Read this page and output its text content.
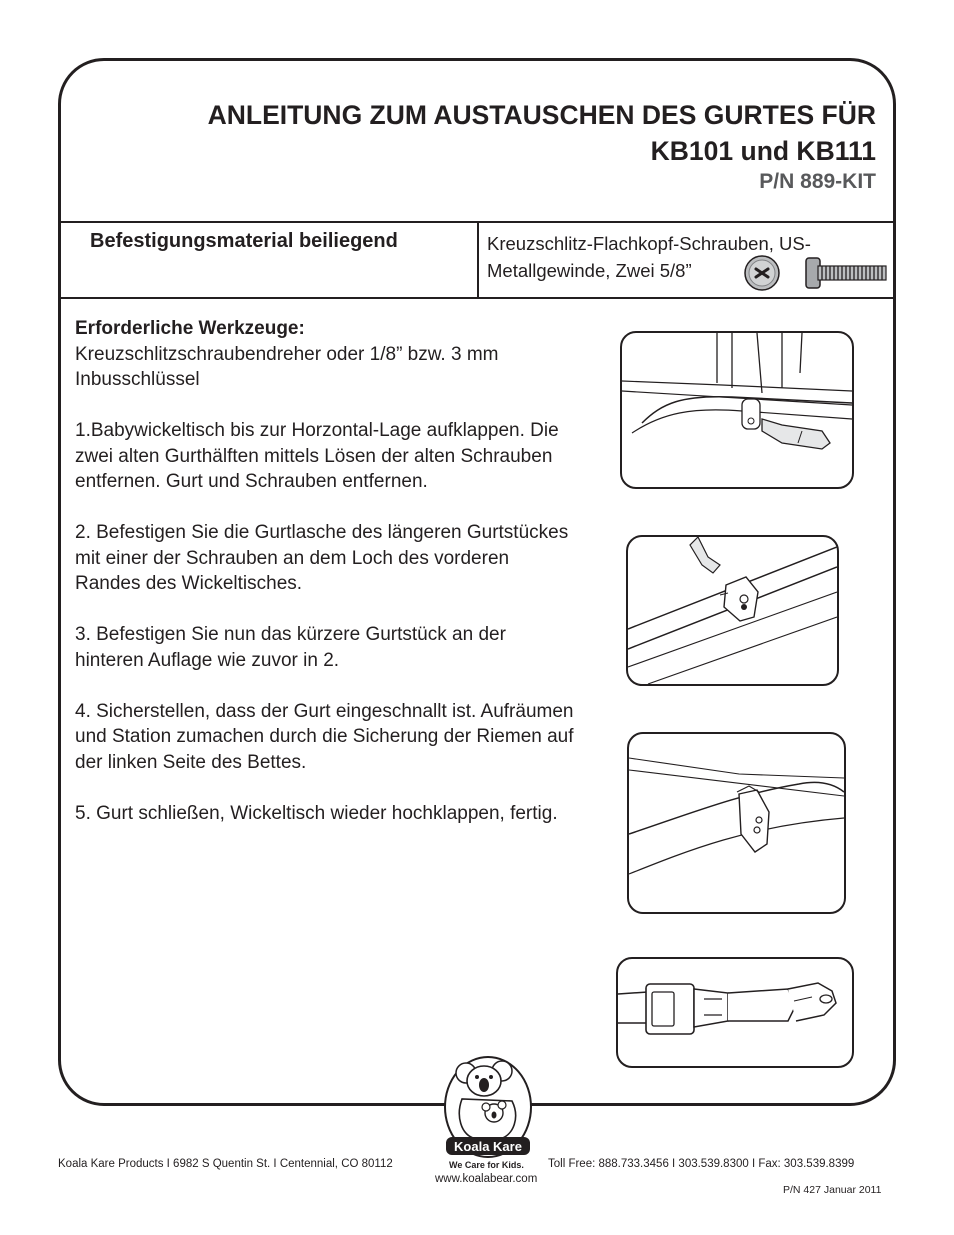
ANLEITUNG ZUM AUSTAUSCHEN DES GURTES FÜR
KB101 und KB111
P/N 889-KIT
Befestigungsmaterial beiliegend	Kreuzschlitz-Flachkopf-Schrauben, US-Metallgewinde, Zwei 5/8”

Erforderliche Werkzeuge:
Kreuzschlitzschraubendreher oder 1/8” bzw. 3 mm Inbusschlüssel

1.Babywickeltisch bis zur Horzontal-Lage aufklappen. Die zwei alten Gurthälften mittels Lösen der alten Schrauben entfernen. Gurt und Schrauben entfernen.

2. Befestigen Sie die Gurtlasche des längeren Gurtstückes mit einer der Schrauben an dem Loch des vorderen Randes des Wickeltisches.

3. Befestigen Sie nun das kürzere Gurtstück an der hinteren Auflage wie zuvor in 2.

4. Sicherstellen, dass der Gurt eingeschnallt ist. Aufräumen und Station zumachen durch die Sicherung der Riemen auf der linken Seite des Bettes.

5. Gurt schließen, Wickeltisch wieder hochklappen, fertig.

Koala Kare
We Care for Kids.
Koala Kare Products I 6982 S Quentin St. I Centennial, CO 80112	Toll Free: 888.733.3456 I 303.539.8300 I Fax: 303.539.8399
www.koalabear.com
P/N 427 Januar 2011
